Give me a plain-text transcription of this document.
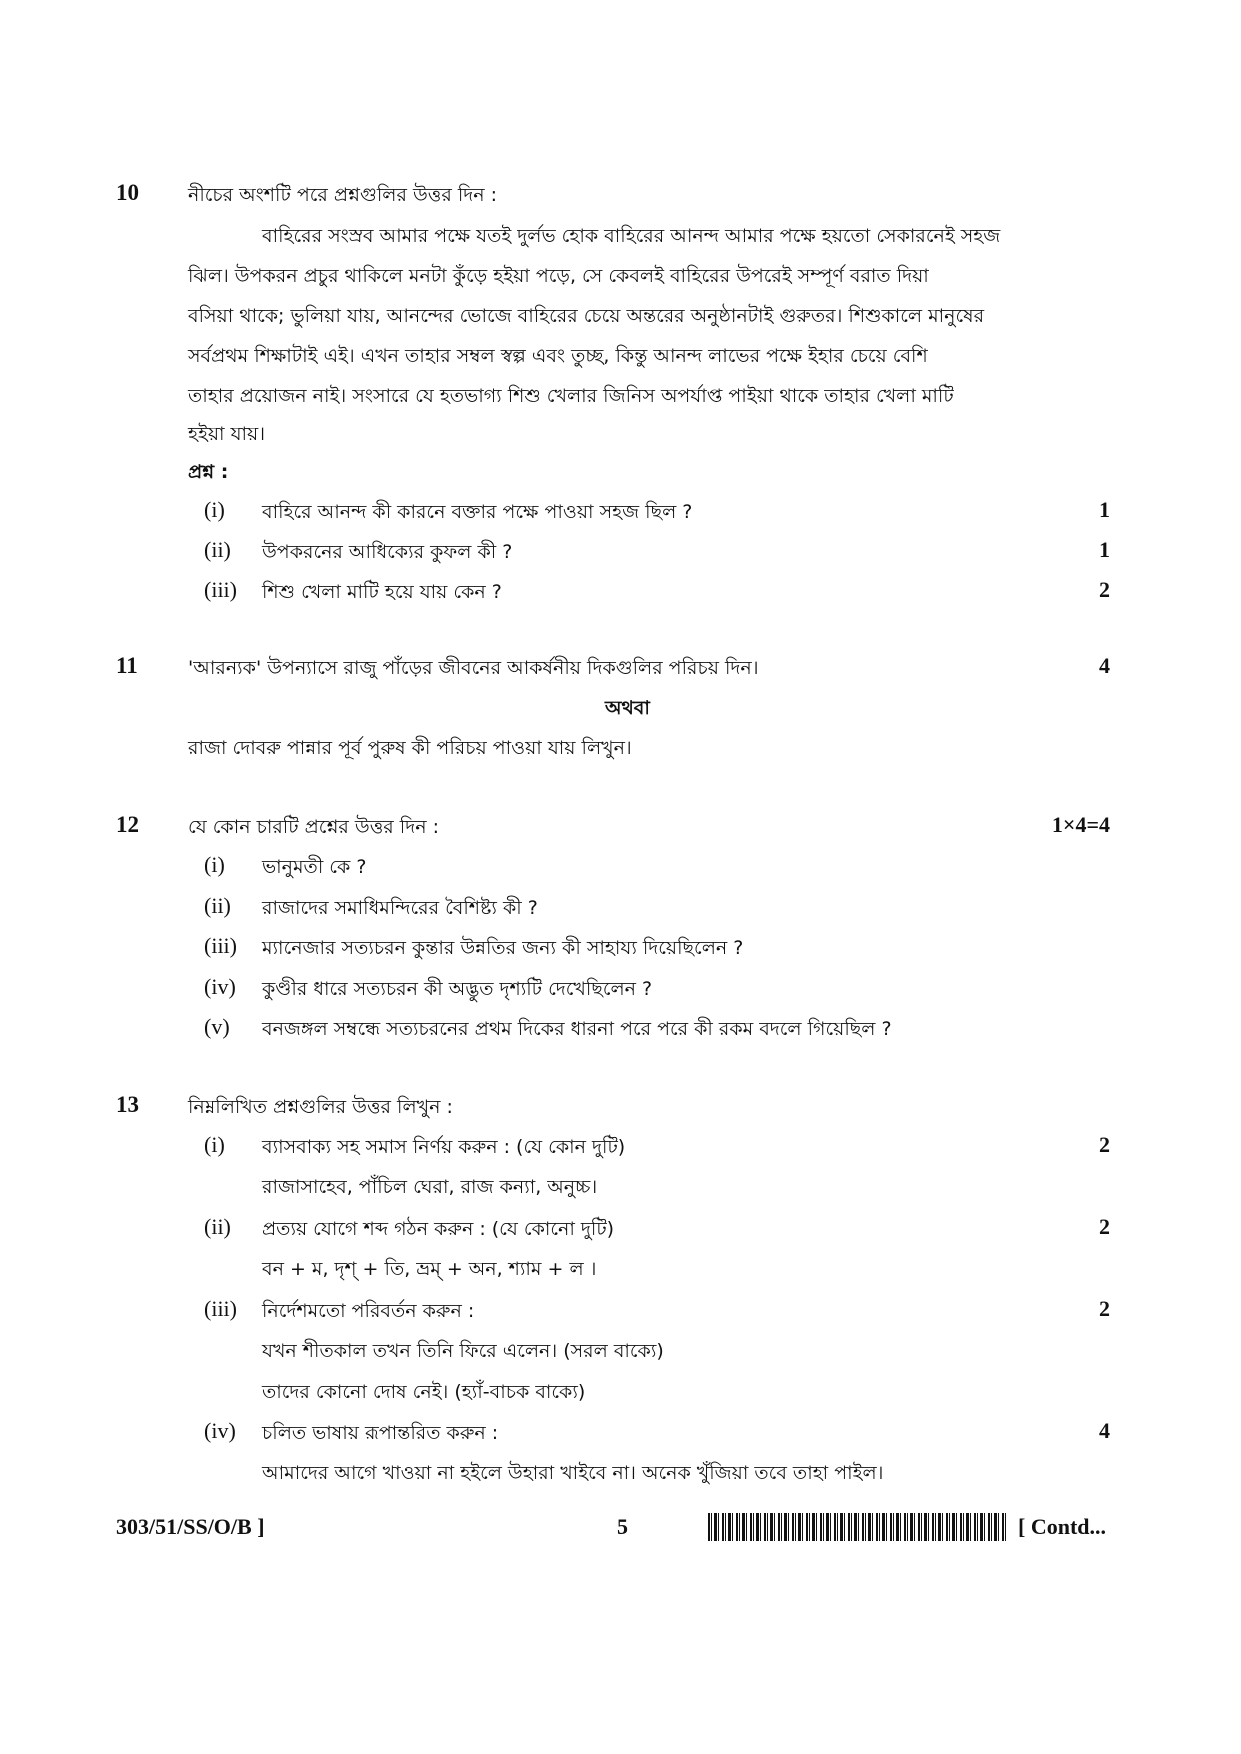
10	নীচের অংশটি পরে প্রশ্নগুলির উত্তর দিন :
বাহিরের সংস্রব আমার পক্ষে যতই দুর্লভ হোক বাহিরের আনন্দ আমার পক্ষে হয়তো সেকারনেই সহজ
ঝিল। উপকরন প্রচুর থাকিলে মনটা কুঁড়ে হইয়া পড়ে, সে কেবলই বাহিরের উপরেই সম্পূর্ণ বরাত দিয়া
বসিয়া থাকে; ভুলিয়া যায়, আনন্দের ভোজে বাহিরের চেয়ে অন্তরের অনুষ্ঠানটাই গুরুতর। শিশুকালে মানুষের
সর্বপ্রথম শিক্ষাটাই এই। এখন তাহার সম্বল স্বল্প এবং তুচ্ছ, কিন্তু আনন্দ লাভের পক্ষে ইহার চেয়ে বেশি
তাহার প্রয়োজন নাই। সংসারে যে হতভাগ্য শিশু খেলার জিনিস অপর্যাপ্ত পাইয়া থাকে তাহার খেলা মাটি
হইয়া যায়।
প্রশ্ন :
(i) বাহিরে আনন্দ কী কারনে বক্তার পক্ষে পাওয়া সহজ ছিল ?	1
(ii) উপকরনের আধিক্যের কুফল কী ?	1
(iii) শিশু খেলা মাটি হয়ে যায় কেন ?	2
11	'আরন্যক' উপন্যাসে রাজু পাঁড়ের জীবনের আকর্ষনীয় দিকগুলির পরিচয় দিন।	4
অথবা
রাজা দোবরু পান্নার পূর্ব পুরুষ কী পরিচয় পাওয়া যায় লিখুন।
12	যে কোন চারটি প্রশ্নের উত্তর দিন :	1×4=4
(i) ভানুমতী কে ?
(ii) রাজাদের সমাধিমন্দিরের বৈশিষ্ট্য কী ?
(iii) ম্যানেজার সত্যচরন কুন্তার উন্নতির জন্য কী সাহায্য দিয়েছিলেন ?
(iv) কুণ্ডীর ধারে সত্যচরন কী অদ্ভুত দৃশ্যটি দেখেছিলেন ?
(v) বনজঙ্গল সম্বন্ধে সত্যচরনের প্রথম দিকের ধারনা পরে পরে কী রকম বদলে গিয়েছিল ?
13	নিম্নলিখিত প্রশ্নগুলির উত্তর লিখুন :
(i) ব্যাসবাক্য সহ সমাস নির্ণয় করুন : (যে কোন দুটি)	2
রাজাসাহেব, পাঁচিল ঘেরা, রাজ কন্যা, অনুচ্চ।
(ii) প্রত্যয় যোগে শব্দ গঠন করুন : (যে কোনো দুটি)	2
বন + ম, দৃশ্ + তি, ভ্রম্ + অন, শ্যাম + ল ।
(iii) নির্দেশমতো পরিবর্তন করুন :	2
যখন শীতকাল তখন তিনি ফিরে এলেন। (সরল বাক্যে)
তাদের কোনো দোষ নেই। (হ্যাঁ-বাচক বাক্যে)
(iv) চলিত ভাষায় রূপান্তরিত করুন :	4
আমাদের আগে খাওয়া না হইলে উহারা খাইবে না। অনেক খুঁজিয়া তবে তাহা পাইল।
303/51/SS/O/B ]	5	[ Contd...
